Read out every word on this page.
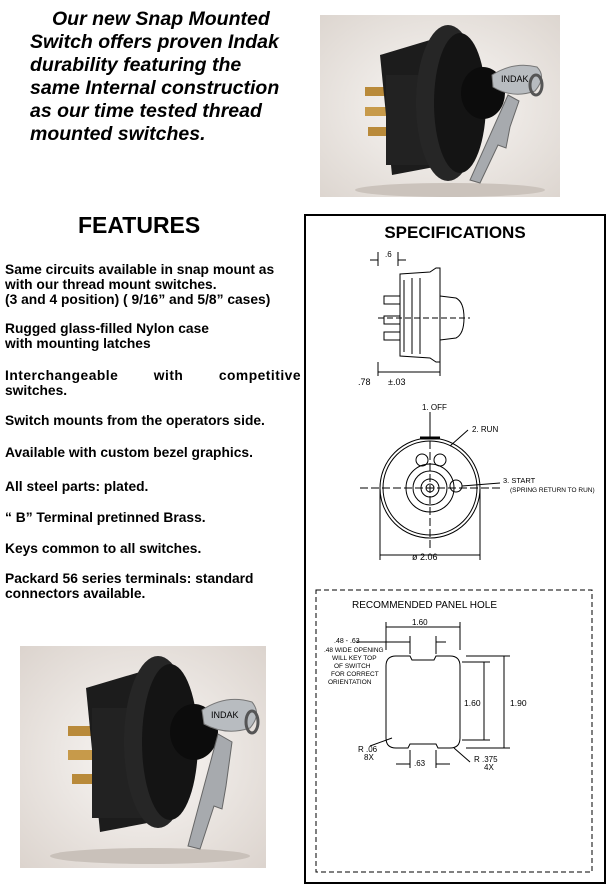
Our new Snap Mounted Switch offers proven Indak durability featuring the same Internal construction as our time tested thread mounted switches.
INDAK
FEATURES
Same circuits available in snap mount as
with our thread mount switches.
(3 and 4 position) ( 9/16” and 5/8” cases)
Rugged glass-filled Nylon case
with mounting latches
Interchangeable with competitive
switches.
Switch mounts from the operators side.
Available with custom bezel graphics.
All steel parts: plated.
“ B” Terminal pretinned Brass.
Keys common to all switches.
Packard 56 series terminals: standard
connectors available.
INDAK
SPECIFICATIONS
.6
.78 ±.03
1. OFF
2. RUN
3. START
(SPRING RETURN TO RUN)
ø 2.06
RECOMMENDED PANEL HOLE
1.60
.48 - .63
.48 WIDE OPENING
WILL KEY TOP
OF SWITCH
FOR CORRECT
ORIENTATION
1.90
1.60
R .06
8X
.63	R .375
4X
